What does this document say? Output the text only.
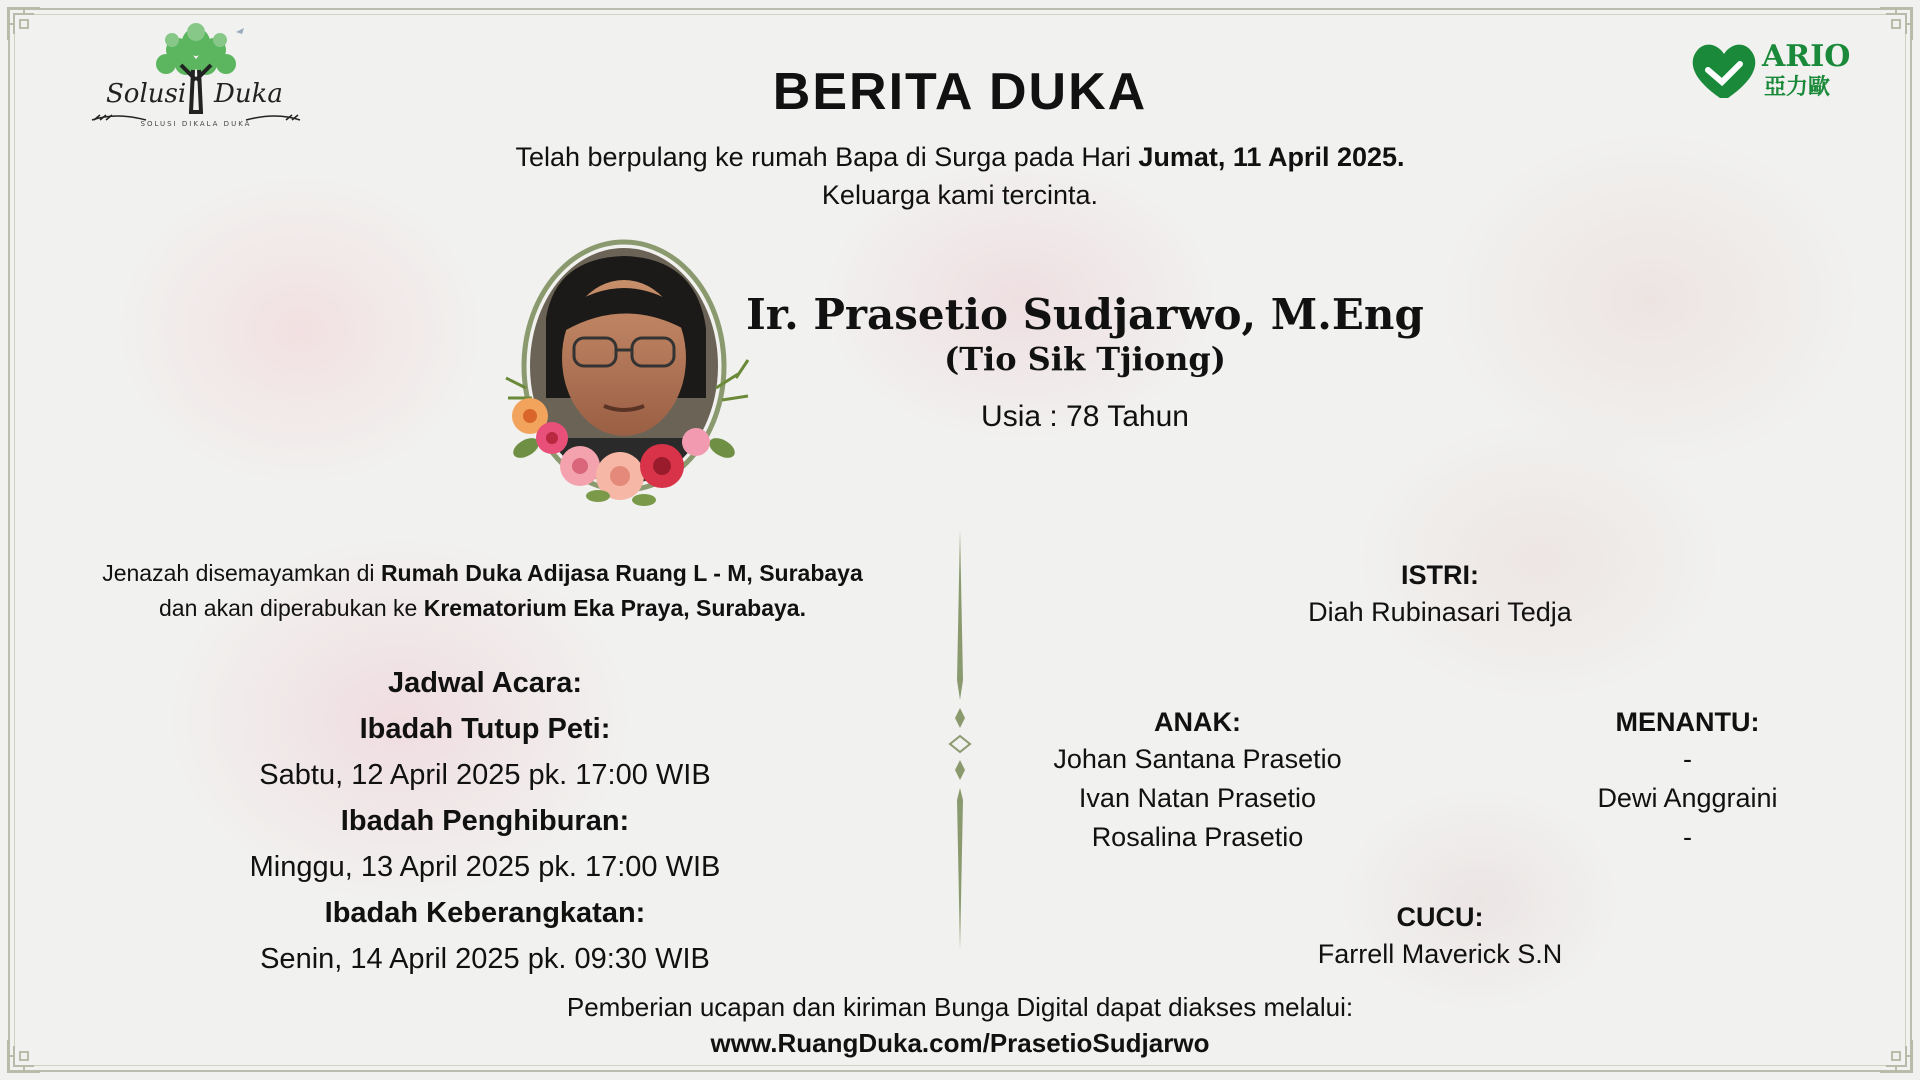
Solusi Duka
SOLUSI DIKALA DUKA
ARIO
亞力歐
BERITA DUKA
Telah berpulang ke rumah Bapa di Surga pada Hari Jumat, 11 April 2025.
Keluarga kami tercinta.
Ir. Prasetio Sudjarwo, M.Eng
(Tio Sik Tjiong)
Usia : 78 Tahun
Jenazah disemayamkan di Rumah Duka Adijasa Ruang L - M, Surabaya
dan akan diperabukan ke Krematorium Eka Praya, Surabaya.
Jadwal Acara:
Ibadah Tutup Peti:
Sabtu, 12 April 2025 pk. 17:00 WIB
Ibadah Penghiburan:
Minggu, 13 April 2025 pk. 17:00 WIB
Ibadah Keberangkatan:
Senin, 14 April 2025 pk. 09:30 WIB
ISTRI:
Diah Rubinasari Tedja
ANAK:
Johan Santana Prasetio
Ivan Natan Prasetio
Rosalina Prasetio
MENANTU:
-
Dewi Anggraini
-
CUCU:
Farrell Maverick S.N
Pemberian ucapan dan kiriman Bunga Digital dapat diakses melalui:
www.RuangDuka.com/PrasetioSudjarwo
